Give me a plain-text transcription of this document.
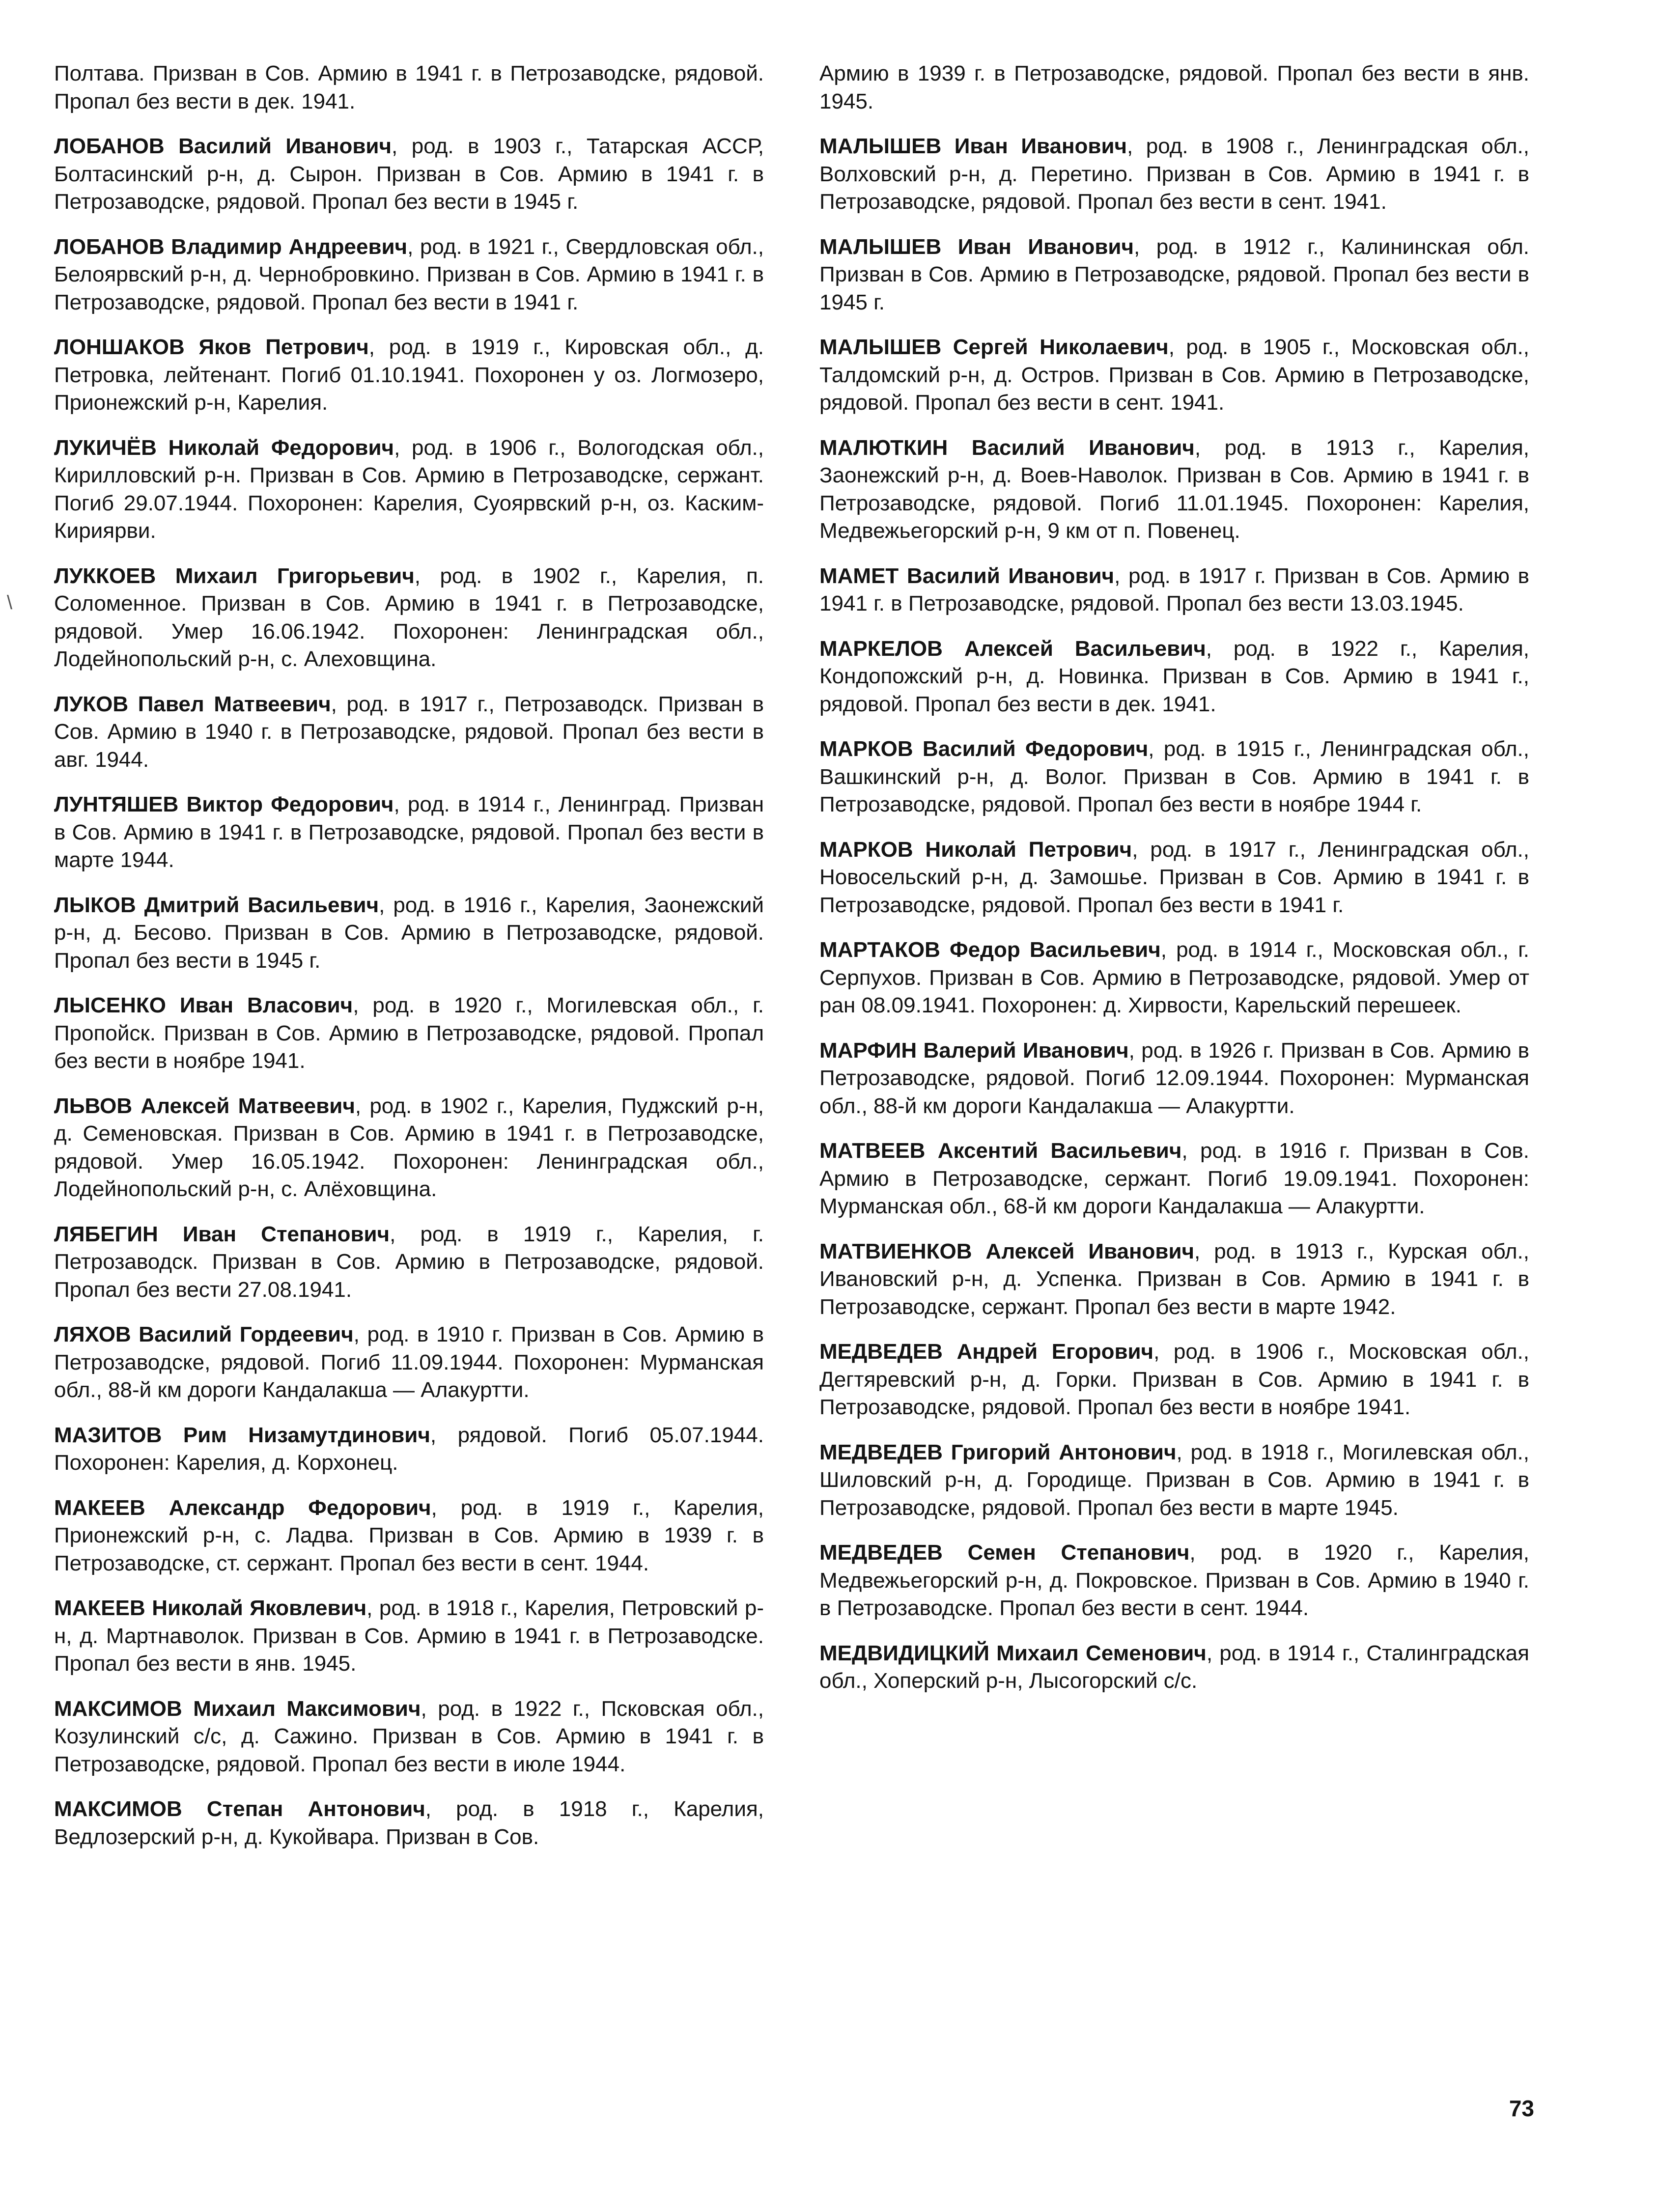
\

Полтава. Призван в Сов. Армию в 1941 г. в Петрозаводске, рядовой. Пропал без вести в дек. 1941.

ЛОБАНОВ Василий Иванович, род. в 1903 г., Татарская АССР, Болтасинский р-н, д. Сырон. Призван в Сов. Армию в 1941 г. в Петрозаводске, рядовой. Пропал без вести в 1945 г.

ЛОБАНОВ Владимир Андреевич, род. в 1921 г., Свердловская обл., Белоярвский р-н, д. Чернобровкино. Призван в Сов. Армию в 1941 г. в Петрозаводске, рядовой. Пропал без вести в 1941 г.

ЛОНШАКОВ Яков Петрович, род. в 1919 г., Кировская обл., д. Петровка, лейтенант. Погиб 01.10.1941. Похоронен у оз. Логмозеро, Прионежский р-н, Карелия.

ЛУКИЧЁВ Николай Федорович, род. в 1906 г., Вологодская обл., Кирилловский р-н. Призван в Сов. Армию в Петрозаводске, сержант. Погиб 29.07.1944. Похоронен: Карелия, Суоярвский р-н, оз. Каским-Кириярви.

ЛУККОЕВ Михаил Григорьевич, род. в 1902 г., Карелия, п. Соломенное. Призван в Сов. Армию в 1941 г. в Петрозаводске, рядовой. Умер 16.06.1942. Похоронен: Ленинградская обл., Лодейнопольский р-н, с. Алеховщина.

ЛУКОВ Павел Матвеевич, род. в 1917 г., Петрозаводск. Призван в Сов. Армию в 1940 г. в Петрозаводске, рядовой. Пропал без вести в авг. 1944.

ЛУНТЯШЕВ Виктор Федорович, род. в 1914 г., Ленинград. Призван в Сов. Армию в 1941 г. в Петрозаводске, рядовой. Пропал без вести в марте 1944.

ЛЫКОВ Дмитрий Васильевич, род. в 1916 г., Карелия, Заонежский р-н, д. Бесово. Призван в Сов. Армию в Петрозаводске, рядовой. Пропал без вести в 1945 г.

ЛЫСЕНКО Иван Власович, род. в 1920 г., Могилевская обл., г. Пропойск. Призван в Сов. Армию в Петрозаводске, рядовой. Пропал без вести в ноябре 1941.

ЛЬВОВ Алексей Матвеевич, род. в 1902 г., Карелия, Пуджский р-н, д. Семеновская. Призван в Сов. Армию в 1941 г. в Петрозаводске, рядовой. Умер 16.05.1942. Похоронен: Ленинградская обл., Лодейнопольский р-н, с. Алёховщина.

ЛЯБЕГИН Иван Степанович, род. в 1919 г., Карелия, г. Петрозаводск. Призван в Сов. Армию в Петрозаводске, рядовой. Пропал без вести 27.08.1941.

ЛЯХОВ Василий Гордеевич, род. в 1910 г. Призван в Сов. Армию в Петрозаводске, рядовой. Погиб 11.09.1944. Похоронен: Мурманская обл., 88-й км дороги Кандалакша — Алакуртти.

МАЗИТОВ Рим Низамутдинович, рядовой. Погиб 05.07.1944. Похоронен: Карелия, д. Корхонец.

МАКЕЕВ Александр Федорович, род. в 1919 г., Карелия, Прионежский р-н, с. Ладва. Призван в Сов. Армию в 1939 г. в Петрозаводске, ст. сержант. Пропал без вести в сент. 1944.

МАКЕЕВ Николай Яковлевич, род. в 1918 г., Карелия, Петровский р-н, д. Мартнаволок. Призван в Сов. Армию в 1941 г. в Петрозаводске. Пропал без вести в янв. 1945.

МАКСИМОВ Михаил Максимович, род. в 1922 г., Псковская обл., Козулинский с/с, д. Сажино. Призван в Сов. Армию в 1941 г. в Петрозаводске, рядовой. Пропал без вести в июле 1944.

МАКСИМОВ Степан Антонович, род. в 1918 г., Карелия, Ведлозерский р-н, д. Кукойвара. Призван в Сов.

Армию в 1939 г. в Петрозаводске, рядовой. Пропал без вести в янв. 1945.

МАЛЫШЕВ Иван Иванович, род. в 1908 г., Ленинградская обл., Волховский р-н, д. Перетино. Призван в Сов. Армию в 1941 г. в Петрозаводске, рядовой. Пропал без вести в сент. 1941.

МАЛЫШЕВ Иван Иванович, род. в 1912 г., Калининская обл. Призван в Сов. Армию в Петрозаводске, рядовой. Пропал без вести в 1945 г.

МАЛЫШЕВ Сергей Николаевич, род. в 1905 г., Московская обл., Талдомский р-н, д. Остров. Призван в Сов. Армию в Петрозаводске, рядовой. Пропал без вести в сент. 1941.

МАЛЮТКИН Василий Иванович, род. в 1913 г., Карелия, Заонежский р-н, д. Воев-Наволок. Призван в Сов. Армию в 1941 г. в Петрозаводске, рядовой. Погиб 11.01.1945. Похоронен: Карелия, Медвежьегорский р-н, 9 км от п. Повенец.

МАМЕТ Василий Иванович, род. в 1917 г. Призван в Сов. Армию в 1941 г. в Петрозаводске, рядовой. Пропал без вести 13.03.1945.

МАРКЕЛОВ Алексей Васильевич, род. в 1922 г., Карелия, Кондопожский р-н, д. Новинка. Призван в Сов. Армию в 1941 г., рядовой. Пропал без вести в дек. 1941.

МАРКОВ Василий Федорович, род. в 1915 г., Ленинградская обл., Вашкинский р-н, д. Волог. Призван в Сов. Армию в 1941 г. в Петрозаводске, рядовой. Пропал без вести в ноябре 1944 г.

МАРКОВ Николай Петрович, род. в 1917 г., Ленинградская обл., Новосельский р-н, д. Замошье. Призван в Сов. Армию в 1941 г. в Петрозаводске, рядовой. Пропал без вести в 1941 г.

МАРТАКОВ Федор Васильевич, род. в 1914 г., Московская обл., г. Серпухов. Призван в Сов. Армию в Петрозаводске, рядовой. Умер от ран 08.09.1941. Похоронен: д. Хирвости, Карельский перешеек.

МАРФИН Валерий Иванович, род. в 1926 г. Призван в Сов. Армию в Петрозаводске, рядовой. Погиб 12.09.1944. Похоронен: Мурманская обл., 88-й км дороги Кандалакша — Алакуртти.

МАТВЕЕВ Аксентий Васильевич, род. в 1916 г. Призван в Сов. Армию в Петрозаводске, сержант. Погиб 19.09.1941. Похоронен: Мурманская обл., 68-й км дороги Кандалакша — Алакуртти.

МАТВИЕНКОВ Алексей Иванович, род. в 1913 г., Курская обл., Ивановский р-н, д. Успенка. Призван в Сов. Армию в 1941 г. в Петрозаводске, сержант. Пропал без вести в марте 1942.

МЕДВЕДЕВ Андрей Егорович, род. в 1906 г., Московская обл., Дегтяревский р-н, д. Горки. Призван в Сов. Армию в 1941 г. в Петрозаводске, рядовой. Пропал без вести в ноябре 1941.

МЕДВЕДЕВ Григорий Антонович, род. в 1918 г., Могилевская обл., Шиловский р-н, д. Городище. Призван в Сов. Армию в 1941 г. в Петрозаводске, рядовой. Пропал без вести в марте 1945.

МЕДВЕДЕВ Семен Степанович, род. в 1920 г., Карелия, Медвежьегорский р-н, д. Покровское. Призван в Сов. Армию в 1940 г. в Петрозаводске. Пропал без вести в сент. 1944.

МЕДВИДИЦКИЙ Михаил Семенович, род. в 1914 г., Сталинградская обл., Хоперский р-н, Лысогорский с/с.

73
